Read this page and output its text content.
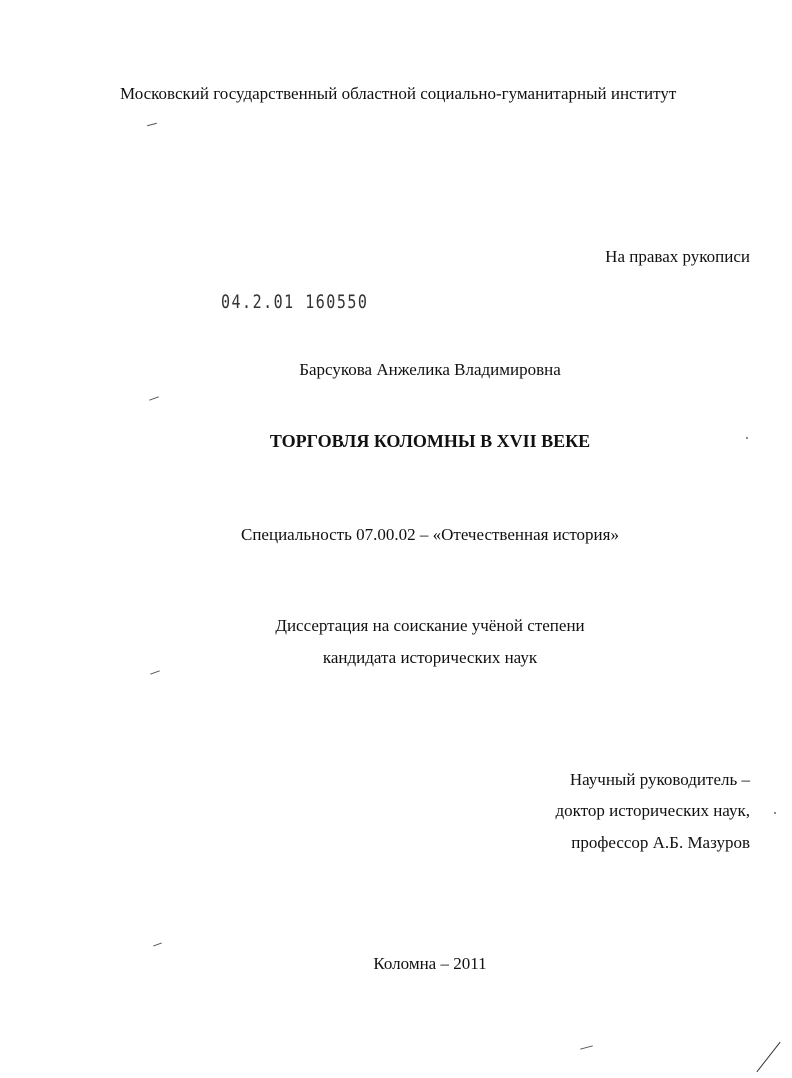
Московский государственный областной социально-гуманитарный институт
На правах рукописи
04.2.01 160550
Барсукова Анжелика Владимировна
ТОРГОВЛЯ КОЛОМНЫ В XVII ВЕКЕ
Специальность 07.00.02 – «Отечественная история»
Диссертация на соискание учёной степени
кандидата исторических наук
Научный руководитель –
доктор исторических наук,
профессор А.Б. Мазуров
Коломна – 2011
